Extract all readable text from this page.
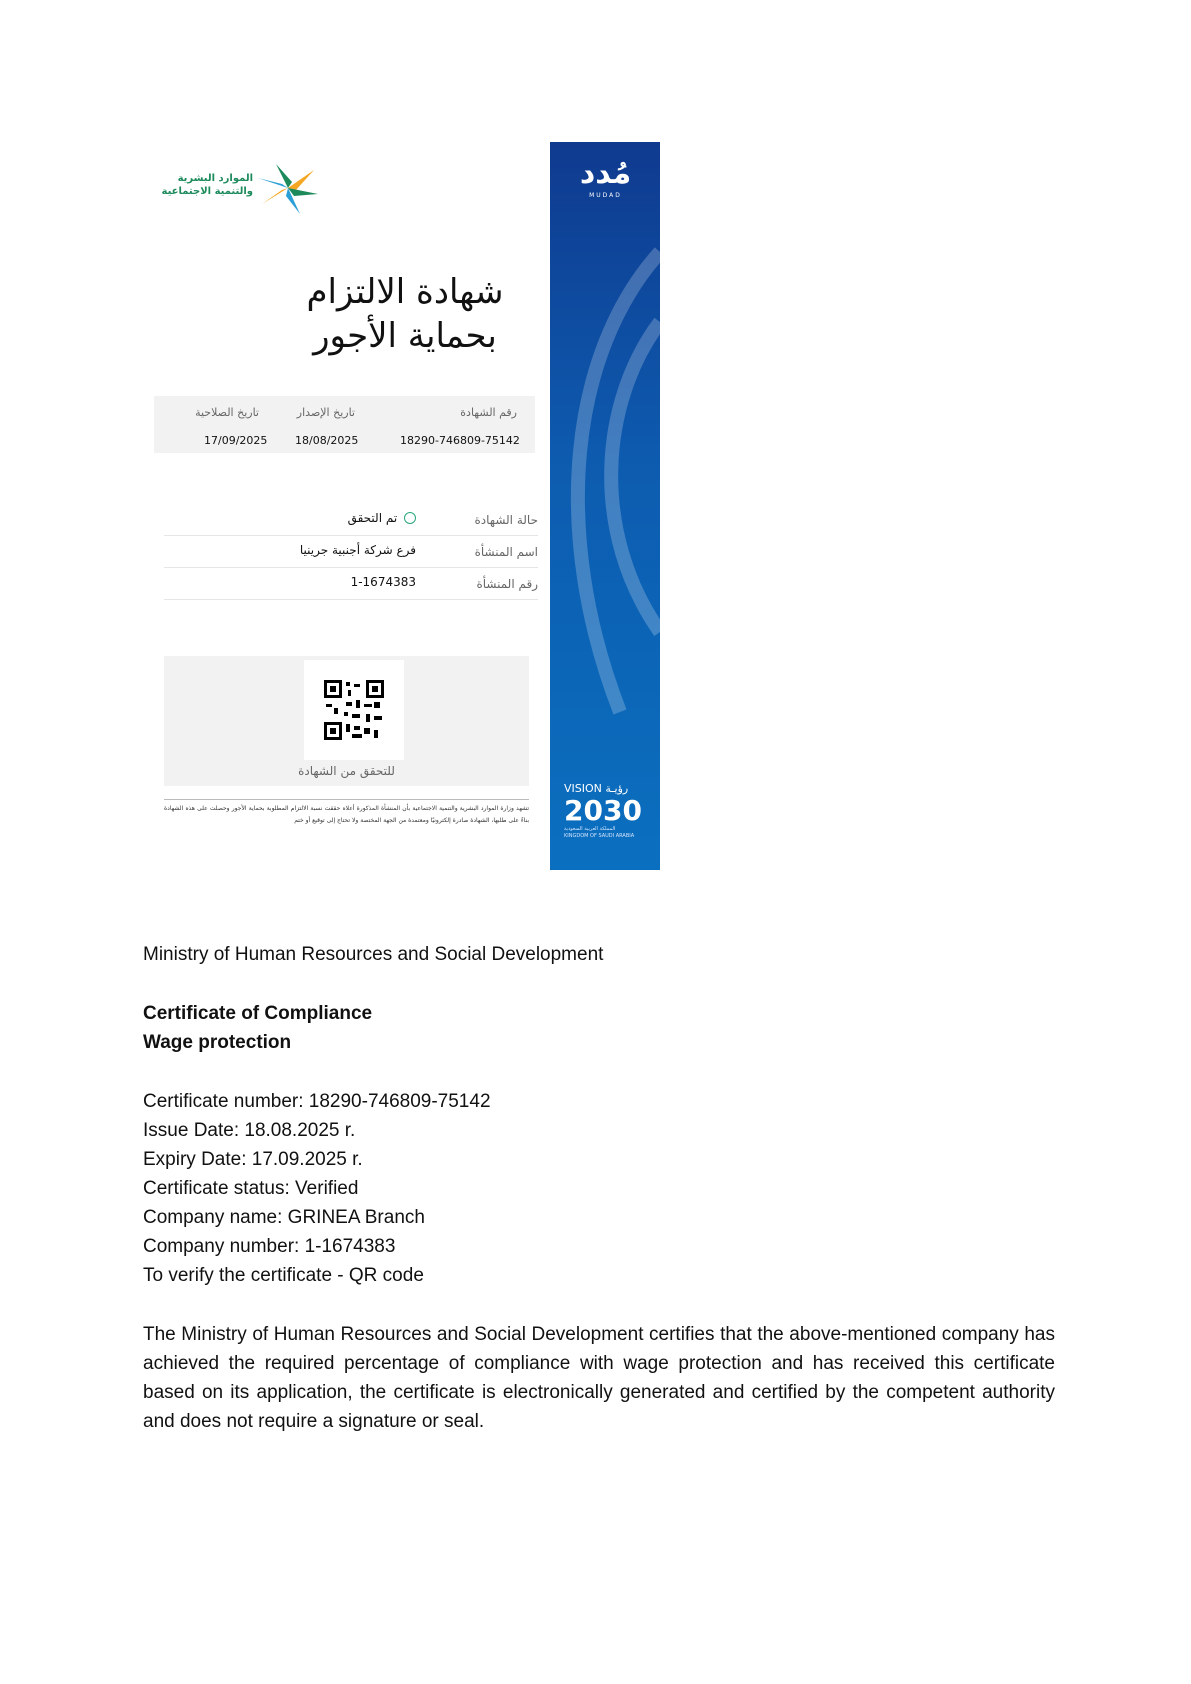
الموارد البشرية
والتنمية الاجتماعية
شهادة الالتزام
بحماية الأجور
رقم الشهادة
تاريخ الإصدار
تاريخ الصلاحية
18290-746809-75142
18/08/2025
17/09/2025
حالة الشهادة
تم التحقق
اسم المنشأة
فرع شركة أجنبية جرينيا
رقم المنشأة
1-1674383
للتحقق من الشهادة
تشهد وزارة الموارد البشرية والتنمية الاجتماعية بأن المنشأة المذكورة أعلاه حققت نسبة الالتزام المطلوبة بحماية الأجور وحصلت على هذه الشهادة بناءً على طلبها، الشهادة صادرة إلكترونيًا ومعتمدة من الجهة المختصة ولا تحتاج إلى توقيع أو ختم
مُدد
MUDAD
VISION رؤيـة
2030
المملكة العربية السعودية
KINGDOM OF SAUDI ARABIA
Ministry of Human Resources and Social Development
Certificate of Compliance
Wage protection
Certificate number: 18290-746809-75142
Issue Date: 18.08.2025 r.
Expiry Date: 17.09.2025 r.
Certificate status: Verified
Company name: GRINEA Branch
Company number: 1-1674383
To verify the certificate - QR code
The Ministry of Human Resources and Social Development certifies that the above-mentioned company has achieved the required percentage of compliance with wage protection and has received this certificate based on its application, the certificate is electronically generated and certified by the competent authority and does not require a signature or seal.
